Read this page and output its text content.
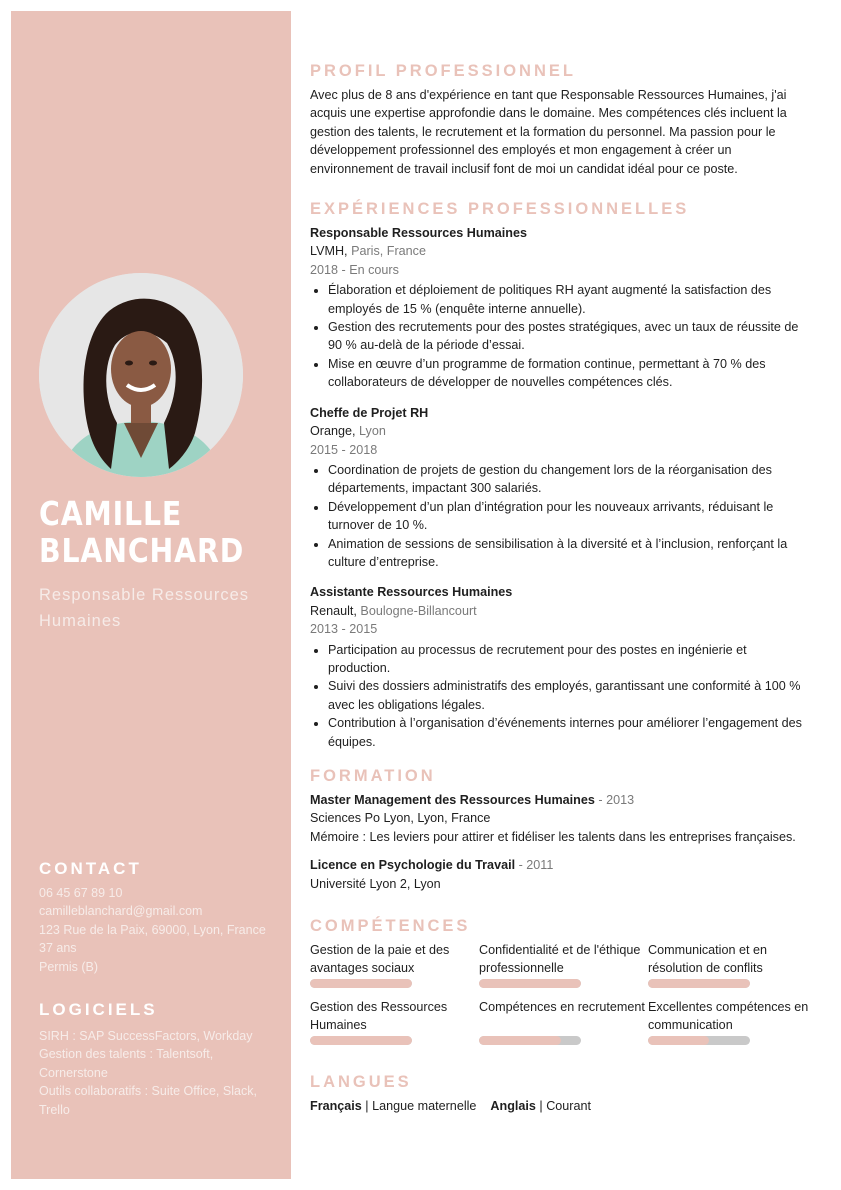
CAMILLE
BLANCHARD
Responsable Ressources Humaines
CONTACT
06 45 67 89 10
camilleblanchard@gmail.com
123 Rue de la Paix, 69000, Lyon, France
37 ans
Permis (B)
LOGICIELS
SIRH : SAP SuccessFactors, Workday
Gestion des talents : Talentsoft, Cornerstone
Outils collaboratifs : Suite Office, Slack, Trello
PROFIL PROFESSIONNEL

Avec plus de 8 ans d'expérience en tant que Responsable Ressources Humaines, j'ai acquis une expertise approfondie dans le domaine. Mes compétences clés incluent la gestion des talents, le recrutement et la formation du personnel. Ma passion pour le développement professionnel des employés et mon engagement à créer un environnement de travail inclusif font de moi un candidat idéal pour ce poste.

EXPÉRIENCES PROFESSIONNELLES
Responsable Ressources Humaines
LVMH, Paris, France
2018 - En cours
• Élaboration et déploiement de politiques RH ayant augmenté la satisfaction des employés de 15 % (enquête interne annuelle).
• Gestion des recrutements pour des postes stratégiques, avec un taux de réussite de 90 % au-delà de la période d’essai.
• Mise en œuvre d’un programme de formation continue, permettant à 70 % des collaborateurs de développer de nouvelles compétences clés.
Cheffe de Projet RH
Orange, Lyon
2015 - 2018
• Coordination de projets de gestion du changement lors de la réorganisation des départements, impactant 300 salariés.
• Développement d’un plan d’intégration pour les nouveaux arrivants, réduisant le turnover de 10 %.
• Animation de sessions de sensibilisation à la diversité et à l’inclusion, renforçant la culture d’entreprise.
Assistante Ressources Humaines
Renault, Boulogne-Billancourt
2013 - 2015
• Participation au processus de recrutement pour des postes en ingénierie et production.
• Suivi des dossiers administratifs des employés, garantissant une conformité à 100 % avec les obligations légales.
• Contribution à l’organisation d’événements internes pour améliorer l’engagement des équipes.
FORMATION
Master Management des Ressources Humaines - 2013
Sciences Po Lyon, Lyon, France
Mémoire : Les leviers pour attirer et fidéliser les talents dans les entreprises françaises.
Licence en Psychologie du Travail - 2011
Université Lyon 2, Lyon
COMPÉTENCES
Gestion de la paie et des avantages sociaux
Confidentialité et de l'éthique professionnelle
Communication et en résolution de conflits
Gestion des Ressources Humaines
Compétences en recrutement Excellentes compétences en communication
LANGUES
Français | Langue maternelle Anglais | Courant
